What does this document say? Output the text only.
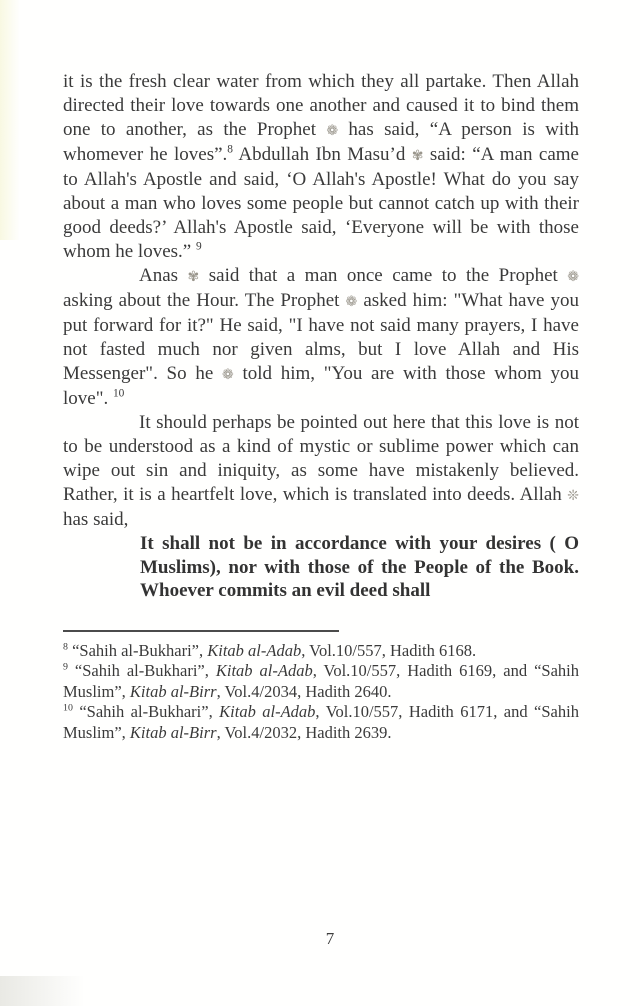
it is the fresh clear water from which they all partake. Then Allah directed their love towards one another and caused it to bind them one to another, as the Prophet ❁ has said, “A person is with whomever he loves”.$^8$ Abdullah Ibn Masu’d ✾ said: “A man came to Allah's Apostle and said, ‘O Allah's Apostle! What do you say about a man who loves some people but cannot catch up with their good deeds?’ Allah's Apostle said, ‘Everyone will be with those whom he loves.” $^9$

Anas ✾ said that a man once came to the Prophet ❁ asking about the Hour. The Prophet ❁ asked him: "What have you put forward for it?" He said, "I have not said many prayers, I have not fasted much nor given alms, but I love Allah and His Messenger". So he ❁ told him, "You are with those whom you love". $^{10}$

It should perhaps be pointed out here that this love is not to be understood as a kind of mystic or sublime power which can wipe out sin and iniquity, as some have mistakenly believed. Rather, it is a heartfelt love, which is translated into deeds. Allah ❊ has said,

It shall not be in accordance with your desires ( O Muslims), nor with those of the People of the Book. Whoever commits an evil deed shall

$^8$ “Sahih al-Bukhari”, Kitab al-Adab, Vol.10/557, Hadith 6168.

$^9$ “Sahih al-Bukhari”, Kitab al-Adab, Vol.10/557, Hadith 6169, and “Sahih Muslim”, Kitab al-Birr, Vol.4/2034, Hadith 2640.

$^{10}$ “Sahih al-Bukhari”, Kitab al-Adab, Vol.10/557, Hadith 6171, and “Sahih Muslim”, Kitab al-Birr, Vol.4/2032, Hadith 2639.

7
